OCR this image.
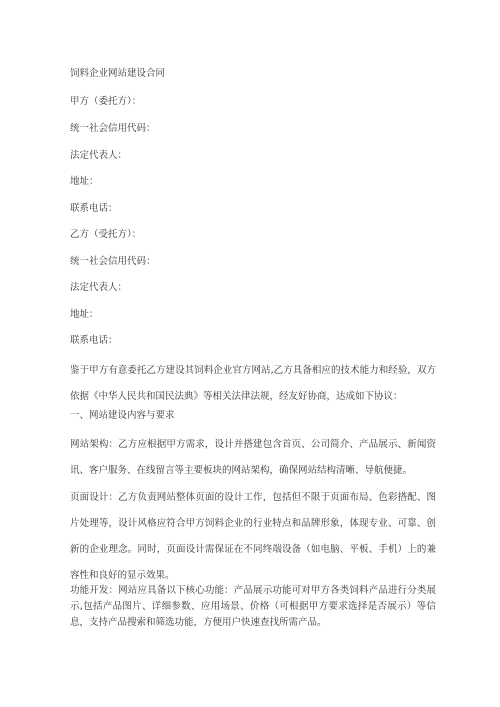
饲料企业网站建设合同
甲方（委托方）：
统一社会信用代码：
法定代表人：
地址：
联系电话：
乙方（受托方）：
统一社会信用代码：
法定代表人：
地址：
联系电话：
鉴于甲方有意委托乙方建设其饲料企业官方网站,乙方具备相应的技术能力和经验，双方依据《中华人民共和国民法典》等相关法律法规，经友好协商，达成如下协议：
一、网站建设内容与要求
网站架构：乙方应根据甲方需求，设计并搭建包含首页、公司简介、产品展示、新闻资讯、客户服务、在线留言等主要板块的网站架构，确保网站结构清晰、导航便捷。
页面设计：乙方负责网站整体页面的设计工作，包括但不限于页面布局、色彩搭配、图片处理等，设计风格应符合甲方饲料企业的行业特点和品牌形象，体现专业、可靠、创新的企业理念。同时，页面设计需保证在不同终端设备（如电脑、平板、手机）上的兼容性和良好的显示效果。
功能开发：网站应具备以下核心功能：产品展示功能可对甲方各类饲料产品进行分类展示,包括产品图片、详细参数、应用场景、价格（可根据甲方要求选择是否展示）等信息，支持产品搜索和筛选功能，方便用户快速查找所需产品。
